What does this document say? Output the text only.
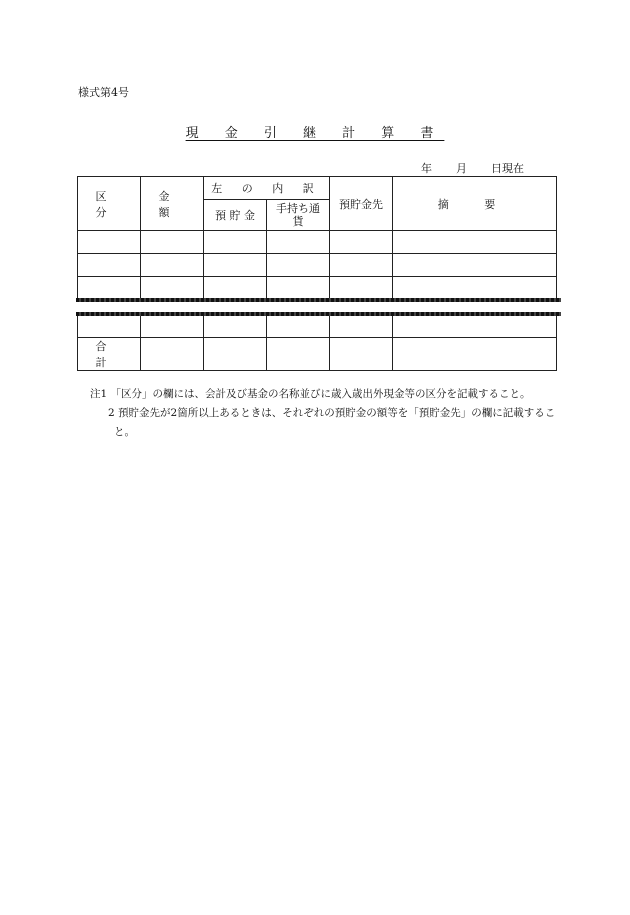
様式第4号
現 金 引 継 計 算 書
年 月 日現在
区 分	金 額	左 の 内 訳		預貯金先	摘 要
		預 貯 金	手持ち通貨		

合 計					

注1 「区分」の欄には、会計及び基金の名称並びに歳入歳出外現金等の区分を記載すること。

2 預貯金先が2箇所以上あるときは、それぞれの預貯金の額等を「預貯金先」の欄に記載すること。
